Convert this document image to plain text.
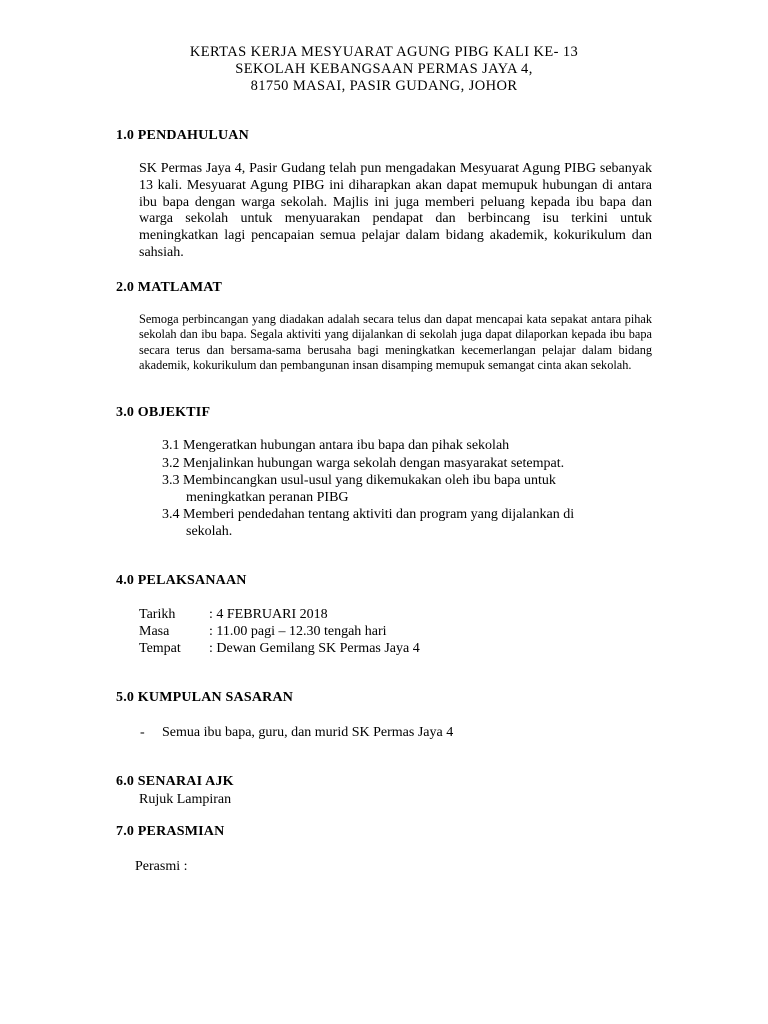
KERTAS KERJA MESYUARAT AGUNG PIBG KALI KE- 13
SEKOLAH KEBANGSAAN PERMAS JAYA 4,
81750 MASAI, PASIR GUDANG, JOHOR
1.0 PENDAHULUAN
SK Permas Jaya 4, Pasir Gudang telah pun mengadakan Mesyuarat Agung PIBG sebanyak 13 kali. Mesyuarat Agung PIBG ini diharapkan akan dapat memupuk hubungan di antara ibu bapa dengan warga sekolah. Majlis ini juga memberi peluang kepada ibu bapa dan warga sekolah untuk menyuarakan pendapat dan berbincang isu terkini untuk meningkatkan lagi pencapaian semua pelajar dalam bidang akademik, kokurikulum dan sahsiah.
2.0 MATLAMAT
Semoga perbincangan yang diadakan adalah secara telus dan dapat mencapai kata sepakat antara pihak sekolah dan ibu bapa. Segala aktiviti yang dijalankan di sekolah juga dapat dilaporkan kepada ibu bapa secara terus dan bersama-sama berusaha bagi meningkatkan kecemerlangan pelajar dalam bidang akademik, kokurikulum dan pembangunan insan disamping memupuk semangat cinta akan sekolah.
3.0 OBJEKTIF
3.1 Mengeratkan hubungan antara ibu bapa dan pihak sekolah
3.2 Menjalinkan hubungan warga sekolah dengan masyarakat setempat.
3.3 Membincangkan usul-usul yang dikemukakan oleh ibu bapa untuk
meningkatkan peranan PIBG
3.4 Memberi pendedahan tentang aktiviti dan program yang dijalankan di
sekolah.
4.0 PELAKSANAAN
Tarikh	: 4 FEBRUARI 2018
Masa	: 11.00 pagi – 12.30 tengah hari
Tempat	: Dewan Gemilang SK Permas Jaya 4
5.0 KUMPULAN SASARAN
- Semua ibu bapa, guru, dan murid SK Permas Jaya 4
6.0 SENARAI AJK
Rujuk Lampiran
7.0 PERASMIAN
Perasmi :
